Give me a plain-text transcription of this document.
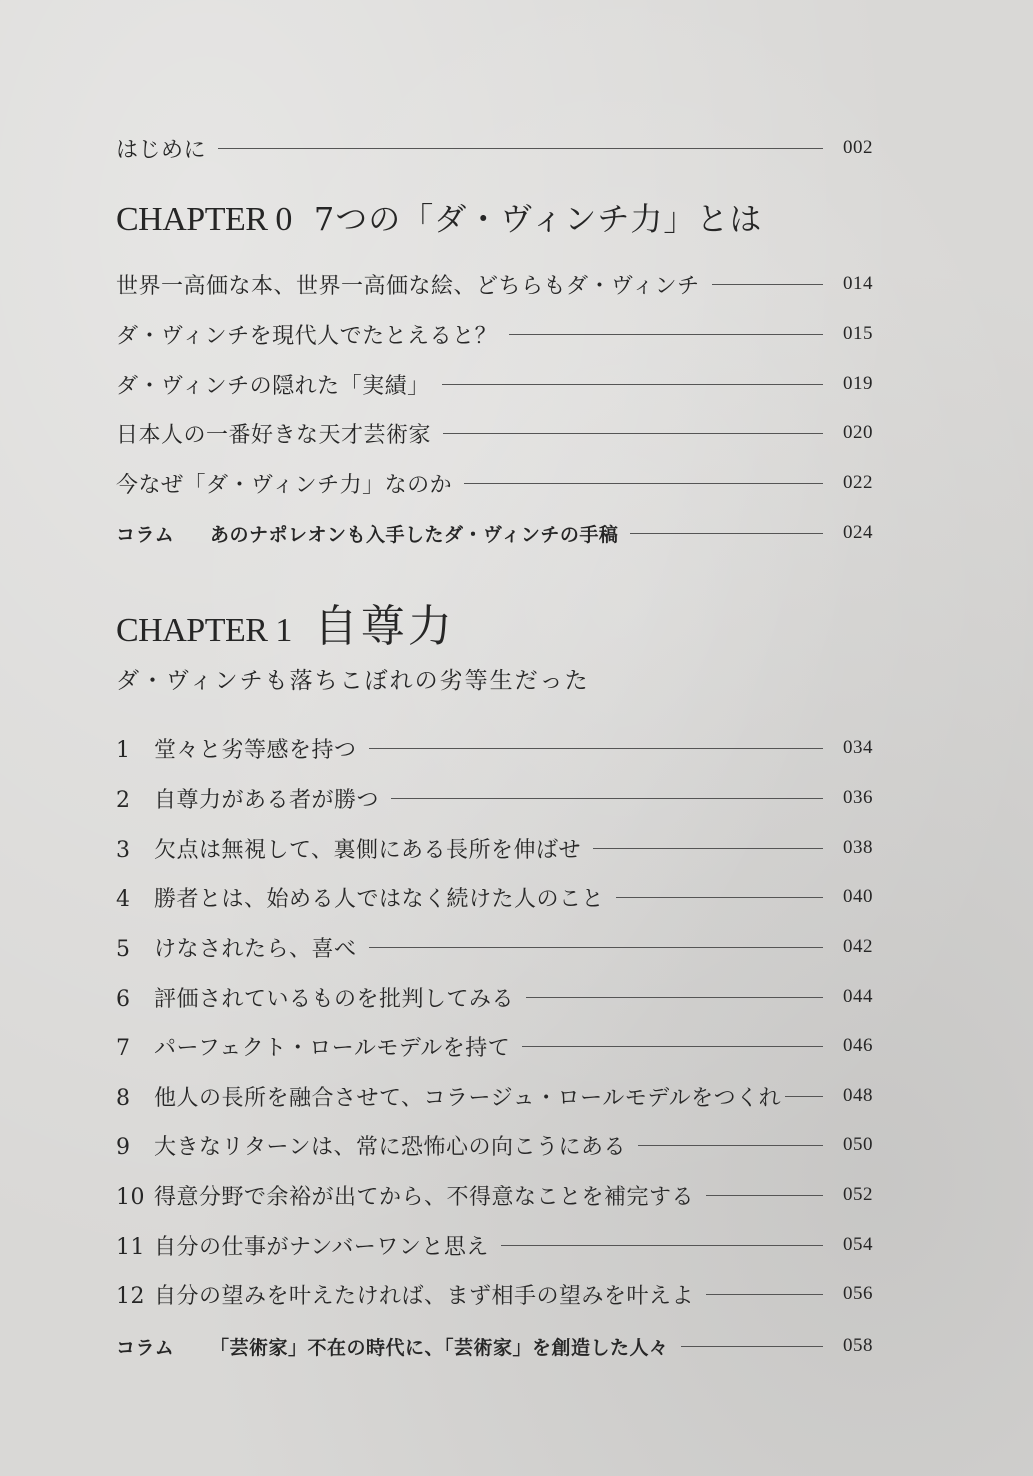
はじめに	002
CHAPTER 0 7つの「ダ・ヴィンチ力」とは
世界一高価な本、世界一高価な絵、どちらもダ・ヴィンチ	014
ダ・ヴィンチを現代人でたとえると？	015
ダ・ヴィンチの隠れた「実績」	019
日本人の一番好きな天才芸術家	020
今なぜ「ダ・ヴィンチ力」なのか	022
コラム あのナポレオンも入手したダ・ヴィンチの手稿	024
CHAPTER 1 自尊力
ダ・ヴィンチも落ちこぼれの劣等生だった
1 堂々と劣等感を持つ	034
2 自尊力がある者が勝つ	036
3 欠点は無視して、裏側にある長所を伸ばせ	038
4 勝者とは、始める人ではなく続けた人のこと	040
5 けなされたら、喜べ	042
6 評価されているものを批判してみる	044
7 パーフェクト・ロールモデルを持て	046
8 他人の長所を融合させて、コラージュ・ロールモデルをつくれ	048
9 大きなリターンは、常に恐怖心の向こうにある	050
10 得意分野で余裕が出てから、不得意なことを補完する	052
11 自分の仕事がナンバーワンと思え	054
12 自分の望みを叶えたければ、まず相手の望みを叶えよ	056
コラム 「芸術家」不在の時代に、「芸術家」を創造した人々	058
